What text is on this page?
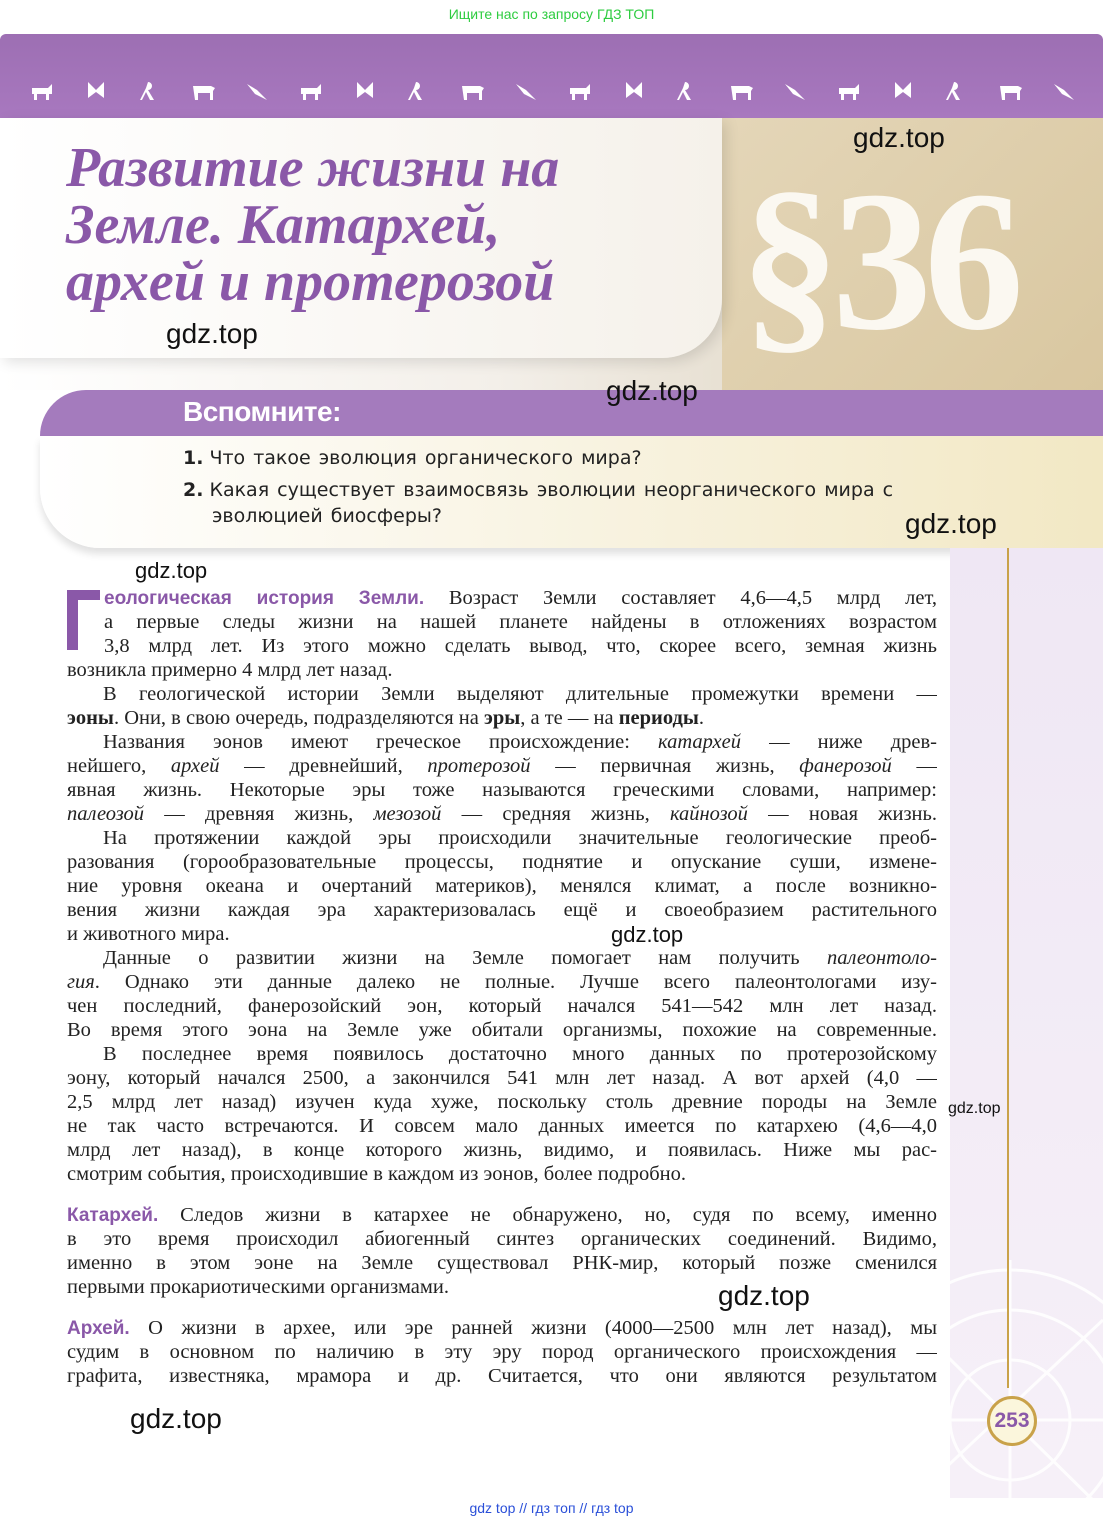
Ищите нас по запросу ГДЗ ТОП
§36
Развитие жизни на
Земле. Катархей,
архей и протерозой
Вспомните:
1. Что такое эволюция органического мира?
2. Какая существует взаимосвязь эволюции неорганического мира с
эволюцией биосферы?
253
еологическая история Земли. Возраст Земли составляет 4,6—4,5 млрд лет,
а первые следы жизни на нашей планете найдены в отложениях возрастом
3,8 млрд лет. Из этого можно сделать вывод, что, скорее всего, земная жизнь
возникла примерно 4 млрд лет назад.
В геологической истории Земли выделяют длительные промежутки времени —
эоны. Они, в свою очередь, подразделяются на эры, а те — на периоды.
Названия эонов имеют греческое происхождение: катархей — ниже древ-
нейшего, архей — древнейший, протерозой — первичная жизнь, фанерозой —
явная жизнь. Некоторые эры тоже называются греческими словами, например:
палеозой — древняя жизнь, мезозой — средняя жизнь, кайнозой — новая жизнь.
На протяжении каждой эры происходили значительные геологические преоб-
разования (горообразовательные процессы, поднятие и опускание суши, измене-
ние уровня океана и очертаний материков), менялся климат, а после возникно-
вения жизни каждая эра характеризовалась ещё и своеобразием растительного
и животного мира.
Данные о развитии жизни на Земле помогает нам получить палеонтоло-
гия. Однако эти данные далеко не полные. Лучше всего палеонтологами изу-
чен последний, фанерозойский эон, который начался 541—542 млн лет назад.
Во время этого эона на Земле уже обитали организмы, похожие на современные.
В последнее время появилось достаточно много данных по протерозойскому
эону, который начался 2500, а закончился 541 млн лет назад. А вот архей (4,0 —
2,5 млрд лет назад) изучен куда хуже, поскольку столь древние породы на Земле
не так часто встречаются. И совсем мало данных имеется по катархею (4,6—4,0
млрд лет назад), в конце которого жизнь, видимо, и появилась. Ниже мы рас-
смотрим события, происходившие в каждом из эонов, более подробно.
Катархей. Следов жизни в катархее не обнаружено, но, судя по всему, именно
в это время происходил абиогенный синтез органических соединений. Видимо,
именно в этом эоне на Земле существовал РНК-мир, который позже сменился
первыми прокариотическими организмами.
Архей. О жизни в архее, или эре ранней жизни (4000—2500 млн лет назад), мы
судим в основном по наличию в эту эру пород органического происхождения —
графита, известняка, мрамора и др. Считается, что они являются результатом
gdz.top
gdz.top
gdz.top
gdz.top
gdz.top
gdz.top
gdz.top
gdz.top
gdz.top
gdz top // гдз топ // гдз top
